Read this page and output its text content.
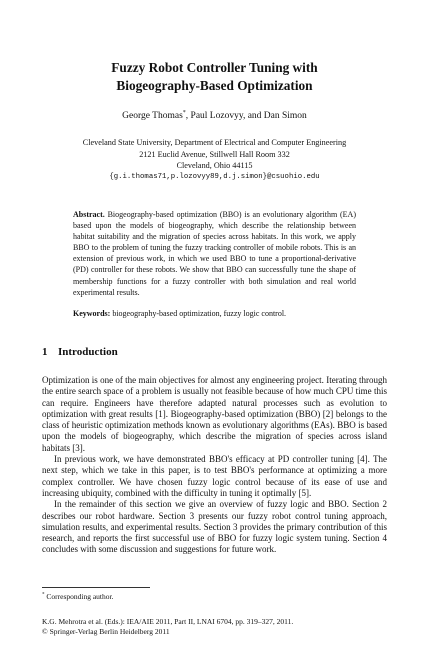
Fuzzy Robot Controller Tuning with
Biogeography-Based Optimization
George Thomas*, Paul Lozovyy, and Dan Simon
Cleveland State University, Department of Electrical and Computer Engineering
2121 Euclid Avenue, Stillwell Hall Room 332
Cleveland, Ohio 44115
{g.i.thomas71,p.lozovyy89,d.j.simon}@csuohio.edu

Abstract. Biogeography-based optimization (BBO) is an evolutionary algorithm (EA) based upon the models of biogeography, which describe the relationship between habitat suitability and the migration of species across habitats. In this work, we apply BBO to the problem of tuning the fuzzy tracking controller of mobile robots. This is an extension of previous work, in which we used BBO to tune a proportional-derivative (PD) controller for these robots. We show that BBO can successfully tune the shape of membership functions for a fuzzy controller with both simulation and real world experimental results.

Keywords: biogeography-based optimization, fuzzy logic control.

1 Introduction

Optimization is one of the main objectives for almost any engineering project. Iterating through the entire search space of a problem is usually not feasible because of how much CPU time this can require. Engineers have therefore adapted natural processes such as evolution to optimization with great results [1]. Biogeography-based optimization (BBO) [2] belongs to the class of heuristic optimization methods known as evolutionary algorithms (EAs). BBO is based upon the models of biogeography, which describe the migration of species across island habitats [3].

In previous work, we have demonstrated BBO's efficacy at PD controller tuning [4]. The next step, which we take in this paper, is to test BBO's performance at optimizing a more complex controller. We have chosen fuzzy logic control because of its ease of use and increasing ubiquity, combined with the difficulty in tuning it optimally [5].

In the remainder of this section we give an overview of fuzzy logic and BBO. Section 2 describes our robot hardware. Section 3 presents our fuzzy robot control tuning approach, simulation results, and experimental results. Section 3 provides the primary contribution of this research, and reports the first successful use of BBO for fuzzy logic system tuning. Section 4 concludes with some discussion and suggestions for future work.

* Corresponding author.
K.G. Mehrotra et al. (Eds.): IEA/AIE 2011, Part II, LNAI 6704, pp. 319–327, 2011.
© Springer-Verlag Berlin Heidelberg 2011
